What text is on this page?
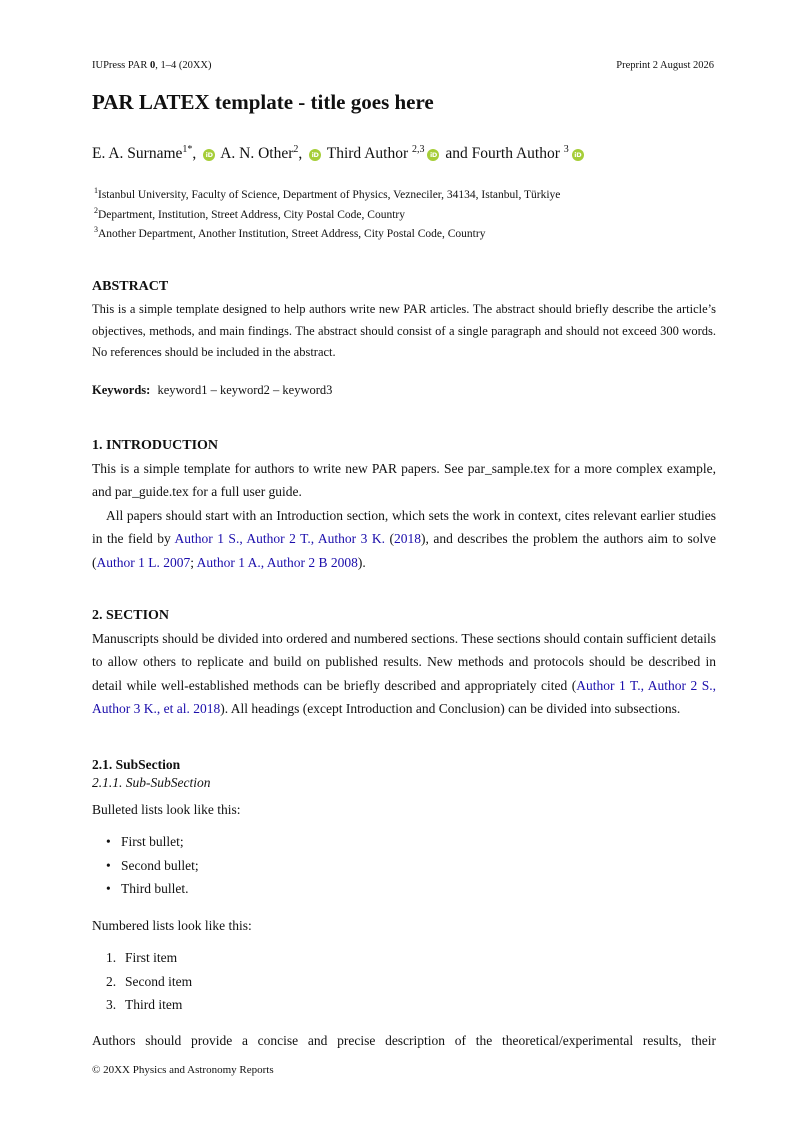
IUPress PAR 0, 1–4 (20XX)	Preprint 2 August 2026
PAR LATEX template - title goes here
E. A. Surname$^{1*}$, iD A. N. Other$^2$, iD Third Author $^{2,3}$iD and Fourth Author $^3$iD
$^1$Istanbul University, Faculty of Science, Department of Physics, Vezneciler, 34134, Istanbul, Türkiye
$^2$Department, Institution, Street Address, City Postal Code, Country
$^3$Another Department, Another Institution, Street Address, City Postal Code, Country
ABSTRACT

This is a simple template designed to help authors write new PAR articles. The abstract should briefly describe the article’s objectives, methods, and main findings. The abstract should consist of a single paragraph and should not exceed 300 words. No references should be included in the abstract.

Keywords: keyword1 – keyword2 – keyword3
1. INTRODUCTION

This is a simple template for authors to write new PAR papers. See par_sample.tex for a more complex example, and par_guide.tex for a full user guide.

All papers should start with an Introduction section, which sets the work in context, cites relevant earlier studies in the field by Author 1 S., Author 2 T., Author 3 K. (2018), and describes the problem the authors aim to solve (Author 1 L. 2007; Author 1 A., Author 2 B 2008).

2. SECTION

Manuscripts should be divided into ordered and numbered sections. These sections should contain sufficient details to allow others to replicate and build on published results. New methods and protocols should be described in detail while well-established methods can be briefly described and appropriately cited (Author 1 T., Author 2 S., Author 3 K., et al. 2018). All headings (except Introduction and Conclusion) can be divided into subsections.

2.1. SubSection
2.1.1. Sub-SubSection
Bulleted lists look like this:
• First bullet;
• Second bullet;
• Third bullet.
Numbered lists look like this:
1. First item
2. Second item
3. Third item

Authors should provide a concise and precise description of the theoretical/experimental results, their

© 20XX Physics and Astronomy Reports
